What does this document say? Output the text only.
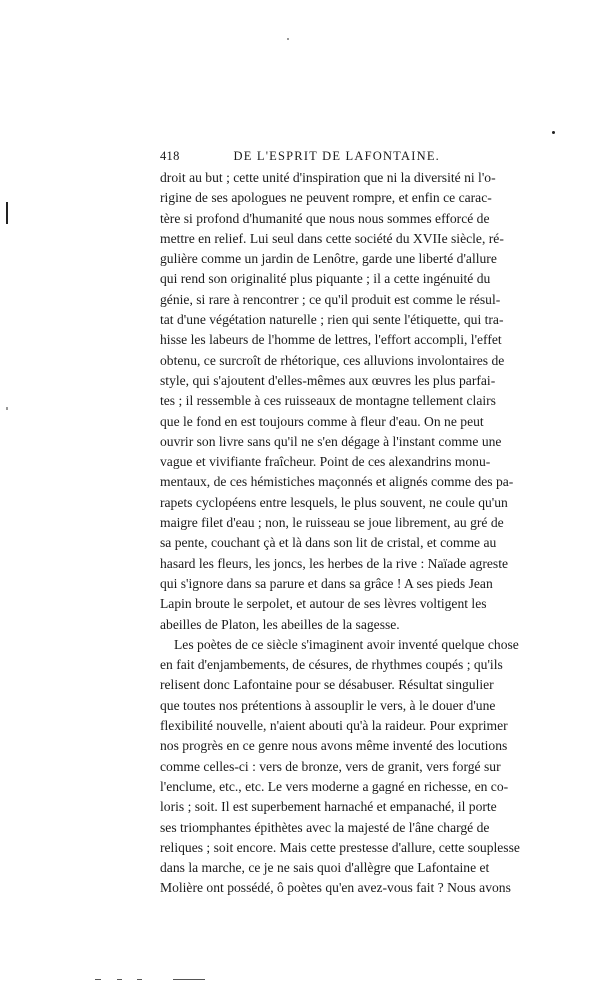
418	DE L'ESPRIT DE LAFONTAINE.
droit au but ; cette unité d'inspiration que ni la diversité ni l'o-
rigine de ses apologues ne peuvent rompre, et enfin ce carac-
tère si profond d'humanité que nous nous sommes efforcé de
mettre en relief. Lui seul dans cette société du XVIIe siècle, ré-
gulière comme un jardin de Lenôtre, garde une liberté d'allure
qui rend son originalité plus piquante ; il a cette ingénuité du
génie, si rare à rencontrer ; ce qu'il produit est comme le résul-
tat d'une végétation naturelle ; rien qui sente l'étiquette, qui tra-
hisse les labeurs de l'homme de lettres, l'effort accompli, l'effet
obtenu, ce surcroît de rhétorique, ces alluvions involontaires de
style, qui s'ajoutent d'elles-mêmes aux œuvres les plus parfai-
tes ; il ressemble à ces ruisseaux de montagne tellement clairs
que le fond en est toujours comme à fleur d'eau. On ne peut
ouvrir son livre sans qu'il ne s'en dégage à l'instant comme une
vague et vivifiante fraîcheur. Point de ces alexandrins monu-
mentaux, de ces hémistiches maçonnés et alignés comme des pa-
rapets cyclopéens entre lesquels, le plus souvent, ne coule qu'un
maigre filet d'eau ; non, le ruisseau se joue librement, au gré de
sa pente, couchant çà et là dans son lit de cristal, et comme au
hasard les fleurs, les joncs, les herbes de la rive : Naïade agreste
qui s'ignore dans sa parure et dans sa grâce ! A ses pieds Jean
Lapin broute le serpolet, et autour de ses lèvres voltigent les
abeilles de Platon, les abeilles de la sagesse.
Les poètes de ce siècle s'imaginent avoir inventé quelque chose
en fait d'enjambements, de césures, de rhythmes coupés ; qu'ils
relisent donc Lafontaine pour se désabuser. Résultat singulier
que toutes nos prétentions à assouplir le vers, à le douer d'une
flexibilité nouvelle, n'aient abouti qu'à la raideur. Pour exprimer
nos progrès en ce genre nous avons même inventé des locutions
comme celles-ci : vers de bronze, vers de granit, vers forgé sur
l'enclume, etc., etc. Le vers moderne a gagné en richesse, en co-
loris ; soit. Il est superbement harnaché et empanaché, il porte
ses triomphantes épithètes avec la majesté de l'âne chargé de
reliques ; soit encore. Mais cette prestesse d'allure, cette souplesse
dans la marche, ce je ne sais quoi d'allègre que Lafontaine et
Molière ont possédé, ô poètes qu'en avez-vous fait ? Nous avons
